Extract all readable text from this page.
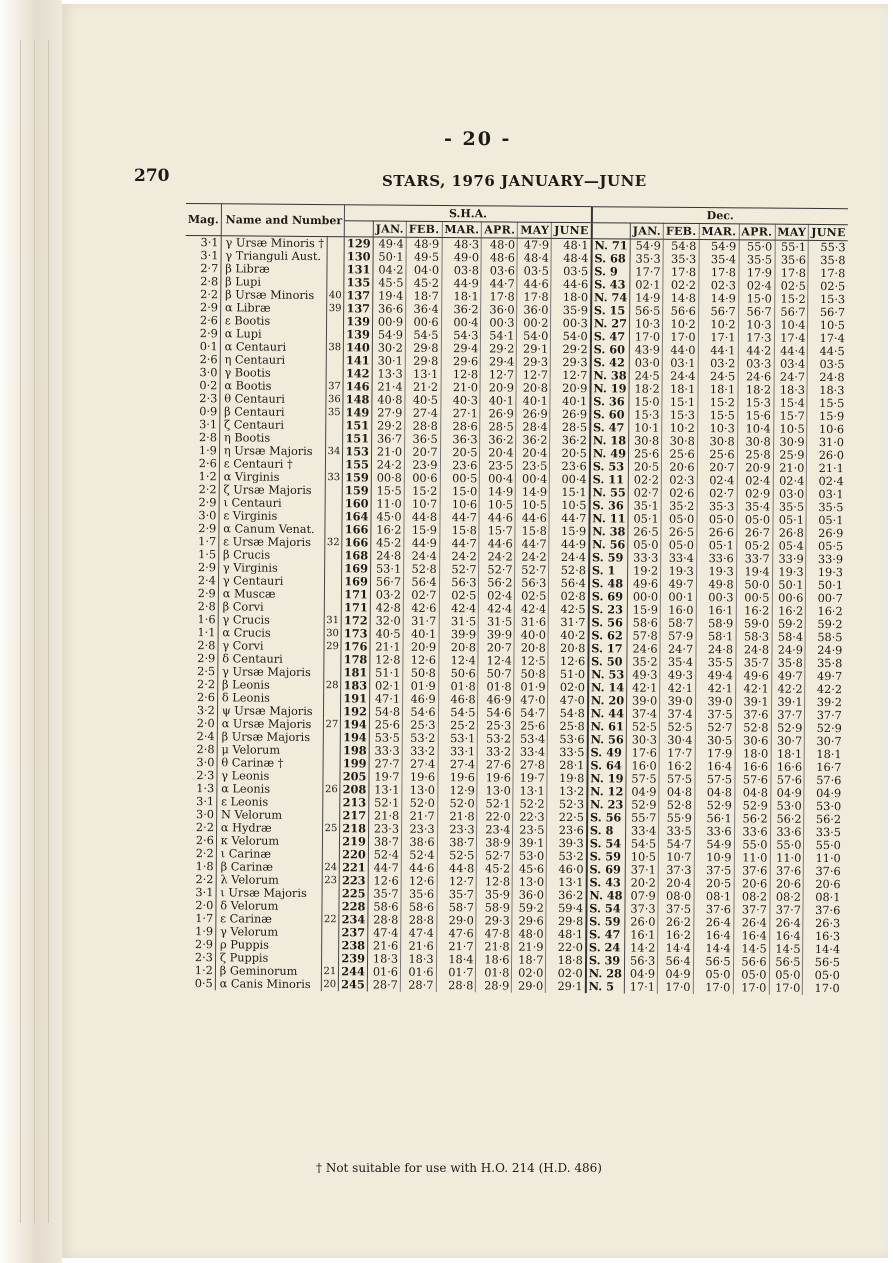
- 20 -
270	STARS, 1976 JANUARY—JUNE
Mag.	Name and Number		S.H.A.							Dec.						
				JAN.	FEB.	MAR.	APR.	MAY	JUNE		JAN.	FEB.	MAR.	APR.	MAY	JUNE
3·1	γ Ursæ Minoris †		129	49·4	48·9	48·3	48·0	47·9	48·1	N. 71	54·9	54·8	54·9	55·0	55·1	55·3
3·1	γ Trianguli Aust.		130	50·1	49·5	49·0	48·6	48·4	48·4	S. 68	35·3	35·3	35·4	35·5	35·6	35·8
2·7	β Libræ		131	04·2	04·0	03·8	03·6	03·5	03·5	S. 9	17·7	17·8	17·8	17·9	17·8	17·8
2·8	β Lupi		135	45·5	45·2	44·9	44·7	44·6	44·6	S. 43	02·1	02·2	02·3	02·4	02·5	02·5
2·2	β Ursæ Minoris	40	137	19·4	18·7	18·1	17·8	17·8	18·0	N. 74	14·9	14·8	14·9	15·0	15·2	15·3
2·9	α Libræ	39	137	36·6	36·4	36·2	36·0	36·0	35·9	S. 15	56·5	56·6	56·7	56·7	56·7	56·7
2·6	ε Bootis		139	00·9	00·6	00·4	00·3	00·2	00·3	N. 27	10·3	10·2	10·2	10·3	10·4	10·5
2·9	α Lupi		139	54·9	54·5	54·3	54·1	54·0	54·0	S. 47	17·0	17·0	17·1	17·3	17·4	17·4
0·1	α Centauri	38	140	30·2	29·8	29·4	29·2	29·1	29·2	S. 60	43·9	44·0	44·1	44·2	44·4	44·5
2·6	η Centauri		141	30·1	29·8	29·6	29·4	29·3	29·3	S. 42	03·0	03·1	03·2	03·3	03·4	03·5
3·0	γ Bootis		142	13·3	13·1	12·8	12·7	12·7	12·7	N. 38	24·5	24·4	24·5	24·6	24·7	24·8
0·2	α Bootis	37	146	21·4	21·2	21·0	20·9	20·8	20·9	N. 19	18·2	18·1	18·1	18·2	18·3	18·3
2·3	θ Centauri	36	148	40·8	40·5	40·3	40·1	40·1	40·1	S. 36	15·0	15·1	15·2	15·3	15·4	15·5
0·9	β Centauri	35	149	27·9	27·4	27·1	26·9	26·9	26·9	S. 60	15·3	15·3	15·5	15·6	15·7	15·9
3·1	ζ Centauri		151	29·2	28·8	28·6	28·5	28·4	28·5	S. 47	10·1	10·2	10·3	10·4	10·5	10·6
2·8	η Bootis		151	36·7	36·5	36·3	36·2	36·2	36·2	N. 18	30·8	30·8	30·8	30·8	30·9	31·0
1·9	η Ursæ Majoris	34	153	21·0	20·7	20·5	20·4	20·4	20·5	N. 49	25·6	25·6	25·6	25·8	25·9	26·0
2·6	ε Centauri †		155	24·2	23·9	23·6	23·5	23·5	23·6	S. 53	20·5	20·6	20·7	20·9	21·0	21·1
1·2	α Virginis	33	159	00·8	00·6	00·5	00·4	00·4	00·4	S. 11	02·2	02·3	02·4	02·4	02·4	02·4
2·2	ζ Ursæ Majoris		159	15·5	15·2	15·0	14·9	14·9	15·1	N. 55	02·7	02·6	02·7	02·9	03·0	03·1
2·9	ι Centauri		160	11·0	10·7	10·6	10·5	10·5	10·5	S. 36	35·1	35·2	35·3	35·4	35·5	35·5
3·0	ε Virginis		164	45·0	44·8	44·7	44·6	44·6	44·7	N. 11	05·1	05·0	05·0	05·0	05·1	05·1
2·9	α Canum Venat.		166	16·2	15·9	15·8	15·7	15·8	15·9	N. 38	26·5	26·5	26·6	26·7	26·8	26·9
1·7	ε Ursæ Majoris	32	166	45·2	44·9	44·7	44·6	44·7	44·9	N. 56	05·0	05·0	05·1	05·2	05·4	05·5
1·5	β Crucis		168	24·8	24·4	24·2	24·2	24·2	24·4	S. 59	33·3	33·4	33·6	33·7	33·9	33·9
2·9	γ Virginis		169	53·1	52·8	52·7	52·7	52·7	52·8	S. 1	19·2	19·3	19·3	19·4	19·3	19·3
2·4	γ Centauri		169	56·7	56·4	56·3	56·2	56·3	56·4	S. 48	49·6	49·7	49·8	50·0	50·1	50·1
2·9	α Muscæ		171	03·2	02·7	02·5	02·4	02·5	02·8	S. 69	00·0	00·1	00·3	00·5	00·6	00·7
2·8	β Corvi		171	42·8	42·6	42·4	42·4	42·4	42·5	S. 23	15·9	16·0	16·1	16·2	16·2	16·2
1·6	γ Crucis	31	172	32·0	31·7	31·5	31·5	31·6	31·7	S. 56	58·6	58·7	58·9	59·0	59·2	59·2
1·1	α Crucis	30	173	40·5	40·1	39·9	39·9	40·0	40·2	S. 62	57·8	57·9	58·1	58·3	58·4	58·5
2·8	γ Corvi	29	176	21·1	20·9	20·8	20·7	20·8	20·8	S. 17	24·6	24·7	24·8	24·8	24·9	24·9
2·9	δ Centauri		178	12·8	12·6	12·4	12·4	12·5	12·6	S. 50	35·2	35·4	35·5	35·7	35·8	35·8
2·5	γ Ursæ Majoris		181	51·1	50·8	50·6	50·7	50·8	51·0	N. 53	49·3	49·3	49·4	49·6	49·7	49·7
2·2	β Leonis	28	183	02·1	01·9	01·8	01·8	01·9	02·0	N. 14	42·1	42·1	42·1	42·1	42·2	42·2
2·6	δ Leonis		191	47·1	46·9	46·8	46·9	47·0	47·0	N. 20	39·0	39·0	39·0	39·1	39·1	39·2
3·2	ψ Ursæ Majoris		192	54·8	54·6	54·5	54·6	54·7	54·8	N. 44	37·4	37·4	37·5	37·6	37·7	37·7
2·0	α Ursæ Majoris	27	194	25·6	25·3	25·2	25·3	25·6	25·8	N. 61	52·5	52·5	52·7	52·8	52·9	52·9
2·4	β Ursæ Majoris		194	53·5	53·2	53·1	53·2	53·4	53·6	N. 56	30·3	30·4	30·5	30·6	30·7	30·7
2·8	μ Velorum		198	33·3	33·2	33·1	33·2	33·4	33·5	S. 49	17·6	17·7	17·9	18·0	18·1	18·1
3·0	θ Carinæ †		199	27·7	27·4	27·4	27·6	27·8	28·1	S. 64	16·0	16·2	16·4	16·6	16·6	16·7
2·3	γ Leonis		205	19·7	19·6	19·6	19·6	19·7	19·8	N. 19	57·5	57·5	57·5	57·6	57·6	57·6
1·3	α Leonis	26	208	13·1	13·0	12·9	13·0	13·1	13·2	N. 12	04·9	04·8	04·8	04·8	04·9	04·9
3·1	ε Leonis		213	52·1	52·0	52·0	52·1	52·2	52·3	N. 23	52·9	52·8	52·9	52·9	53·0	53·0
3·0	N Velorum		217	21·8	21·7	21·8	22·0	22·3	22·5	S. 56	55·7	55·9	56·1	56·2	56·2	56·2
2·2	α Hydræ	25	218	23·3	23·3	23·3	23·4	23·5	23·6	S. 8	33·4	33·5	33·6	33·6	33·6	33·5
2·6	κ Velorum		219	38·7	38·6	38·7	38·9	39·1	39·3	S. 54	54·5	54·7	54·9	55·0	55·0	55·0
2·2	ι Carinæ		220	52·4	52·4	52·5	52·7	53·0	53·2	S. 59	10·5	10·7	10·9	11·0	11·0	11·0
1·8	β Carinæ	24	221	44·7	44·6	44·8	45·2	45·6	46·0	S. 69	37·1	37·3	37·5	37·6	37·6	37·6
2·2	λ Velorum	23	223	12·6	12·6	12·7	12·8	13·0	13·1	S. 43	20·2	20·4	20·5	20·6	20·6	20·6
3·1	ι Ursæ Majoris		225	35·7	35·6	35·7	35·9	36·0	36·2	N. 48	07·9	08·0	08·1	08·2	08·2	08·1
2·0	δ Velorum		228	58·6	58·6	58·7	58·9	59·2	59·4	S. 54	37·3	37·5	37·6	37·7	37·7	37·6
1·7	ε Carinæ	22	234	28·8	28·8	29·0	29·3	29·6	29·8	S. 59	26·0	26·2	26·4	26·4	26·4	26·3
1·9	γ Velorum		237	47·4	47·4	47·6	47·8	48·0	48·1	S. 47	16·1	16·2	16·4	16·4	16·4	16·3
2·9	ρ Puppis		238	21·6	21·6	21·7	21·8	21·9	22·0	S. 24	14·2	14·4	14·4	14·5	14·5	14·4
2·3	ζ Puppis		239	18·3	18·3	18·4	18·6	18·7	18·8	S. 39	56·3	56·4	56·5	56·6	56·5	56·5
1·2	β Geminorum	21	244	01·6	01·6	01·7	01·8	02·0	02·0	N. 28	04·9	04·9	05·0	05·0	05·0	05·0
0·5	α Canis Minoris	20	245	28·7	28·7	28·8	28·9	29·0	29·1	N. 5	17·1	17·0	17·0	17·0	17·0	17·0
† Not suitable for use with H.O. 214 (H.D. 486)
